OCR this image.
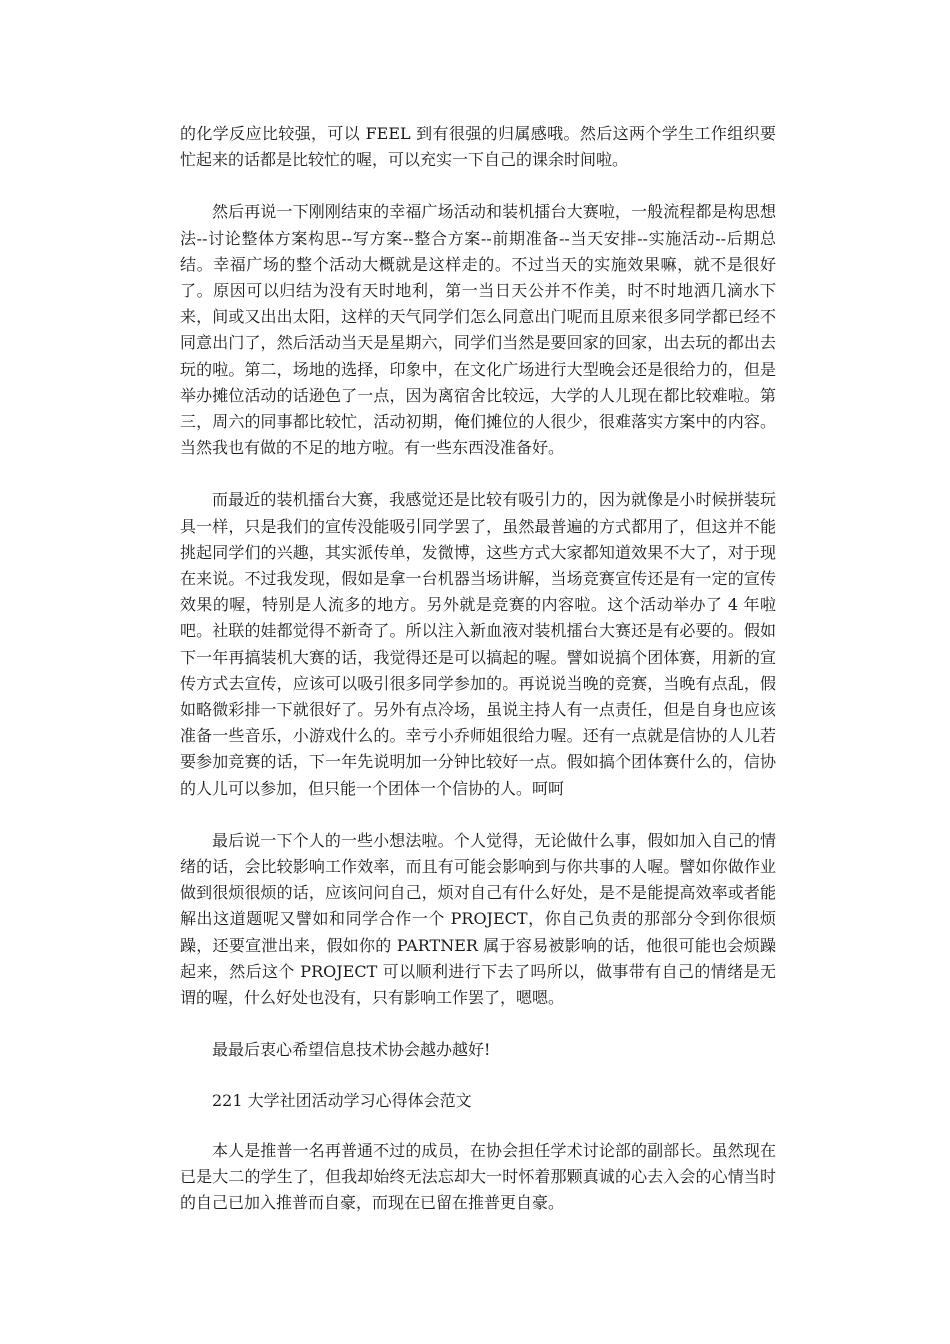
的化学反应比较强，可以 FEEL 到有很强的归属感哦。然后这两个学生工作组织要忙起来的话都是比较忙的喔，可以充实一下自己的课余时间啦。

然后再说一下刚刚结束的幸福广场活动和装机擂台大赛啦，一般流程都是构思想法--讨论整体方案构思--写方案--整合方案--前期准备--当天安排--实施活动--后期总结。幸福广场的整个活动大概就是这样走的。不过当天的实施效果嘛，就不是很好了。原因可以归结为没有天时地利，第一当日天公并不作美，时不时地洒几滴水下来，间或又出出太阳，这样的天气同学们怎么同意出门呢而且原来很多同学都已经不同意出门了，然后活动当天是星期六，同学们当然是要回家的回家，出去玩的都出去玩的啦。第二，场地的选择，印象中，在文化广场进行大型晚会还是很给力的，但是举办摊位活动的话逊色了一点，因为离宿舍比较远，大学的人儿现在都比较难啦。第三，周六的同事都比较忙，活动初期，俺们摊位的人很少，很难落实方案中的内容。当然我也有做的不足的地方啦。有一些东西没准备好。

而最近的装机擂台大赛，我感觉还是比较有吸引力的，因为就像是小时候拼装玩具一样，只是我们的宣传没能吸引同学罢了，虽然最普遍的方式都用了，但这并不能挑起同学们的兴趣，其实派传单，发微博，这些方式大家都知道效果不大了，对于现在来说。不过我发现，假如是拿一台机器当场讲解，当场竞赛宣传还是有一定的宣传效果的喔，特别是人流多的地方。另外就是竞赛的内容啦。这个活动举办了 4 年啦吧。社联的娃都觉得不新奇了。所以注入新血液对装机擂台大赛还是有必要的。假如下一年再搞装机大赛的话，我觉得还是可以搞起的喔。譬如说搞个团体赛，用新的宣传方式去宣传，应该可以吸引很多同学参加的。再说说当晚的竞赛，当晚有点乱，假如略微彩排一下就很好了。另外有点冷场，虽说主持人有一点责任，但是自身也应该准备一些音乐，小游戏什么的。幸亏小乔师姐很给力喔。还有一点就是信协的人儿若要参加竞赛的话，下一年先说明加一分钟比较好一点。假如搞个团体赛什么的，信协的人儿可以参加，但只能一个团体一个信协的人。呵呵

最后说一下个人的一些小想法啦。个人觉得，无论做什么事，假如加入自己的情绪的话，会比较影响工作效率，而且有可能会影响到与你共事的人喔。譬如你做作业做到很烦很烦的话，应该问问自己，烦对自己有什么好处，是不是能提高效率或者能解出这道题呢又譬如和同学合作一个 PROJECT，你自己负责的那部分令到你很烦躁，还要宣泄出来，假如你的 PARTNER 属于容易被影响的话，他很可能也会烦躁起来，然后这个 PROJECT 可以顺利进行下去了吗所以，做事带有自己的情绪是无谓的喔，什么好处也没有，只有影响工作罢了，嗯嗯。

最最后衷心希望信息技术协会越办越好!

221 大学社团活动学习心得体会范文

本人是推普一名再普通不过的成员，在协会担任学术讨论部的副部长。虽然现在已是大二的学生了，但我却始终无法忘却大一时怀着那颗真诚的心去入会的心情当时的自己已加入推普而自豪，而现在已留在推普更自豪。
